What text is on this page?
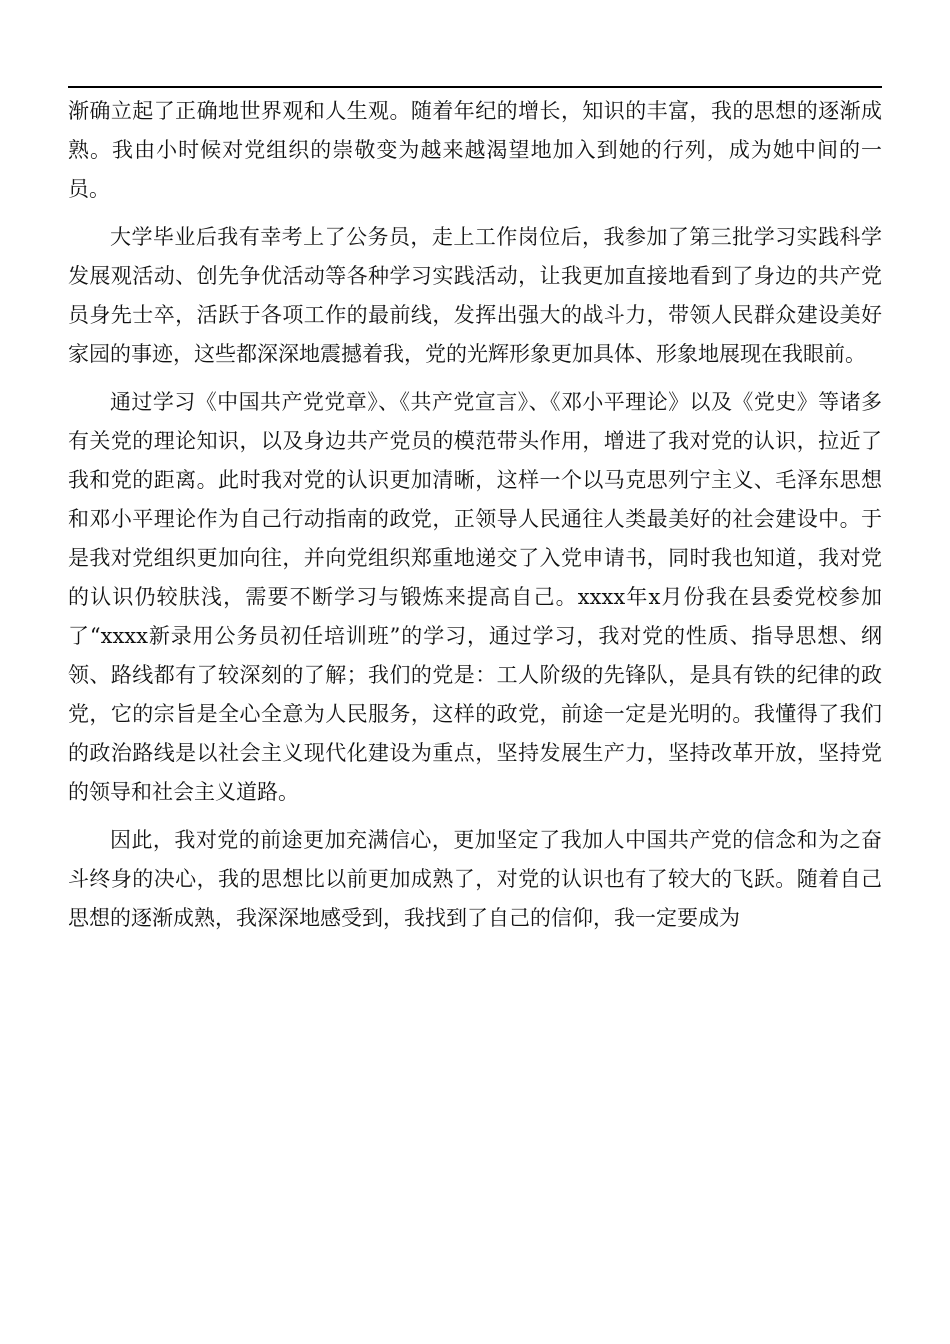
渐确立起了正确地世界观和人生观。随着年纪的增长，知识的丰富，我的思想的逐渐成熟。我由小时候对党组织的崇敬变为越来越渴望地加入到她的行列，成为她中间的一员。

大学毕业后我有幸考上了公务员，走上工作岗位后，我参加了第三批学习实践科学发展观活动、创先争优活动等各种学习实践活动，让我更加直接地看到了身边的共产党员身先士卒，活跃于各项工作的最前线，发挥出强大的战斗力，带领人民群众建设美好家园的事迹，这些都深深地震撼着我，党的光辉形象更加具体、形象地展现在我眼前。

通过学习《中国共产党党章》、《共产党宣言》、《邓小平理论》以及《党史》等诸多有关党的理论知识，以及身边共产党员的模范带头作用，增进了我对党的认识，拉近了我和党的距离。此时我对党的认识更加清晰，这样一个以马克思列宁主义、毛泽东思想和邓小平理论作为自己行动指南的政党，正领导人民通往人类最美好的社会建设中。于是我对党组织更加向往，并向党组织郑重地递交了入党申请书，同时我也知道，我对党的认识仍较肤浅，需要不断学习与锻炼来提高自己。xxxx年x月份我在县委党校参加了“xxxx新录用公务员初任培训班”的学习，通过学习，我对党的性质、指导思想、纲领、路线都有了较深刻的了解；我们的党是：工人阶级的先锋队，是具有铁的纪律的政党，它的宗旨是全心全意为人民服务，这样的政党，前途一定是光明的。我懂得了我们的政治路线是以社会主义现代化建设为重点，坚持发展生产力，坚持改革开放，坚持党的领导和社会主义道路。

因此，我对党的前途更加充满信心，更加坚定了我加人中国共产党的信念和为之奋斗终身的决心，我的思想比以前更加成熟了，对党的认识也有了较大的飞跃。随着自己思想的逐渐成熟，我深深地感受到，我找到了自己的信仰，我一定要成为
